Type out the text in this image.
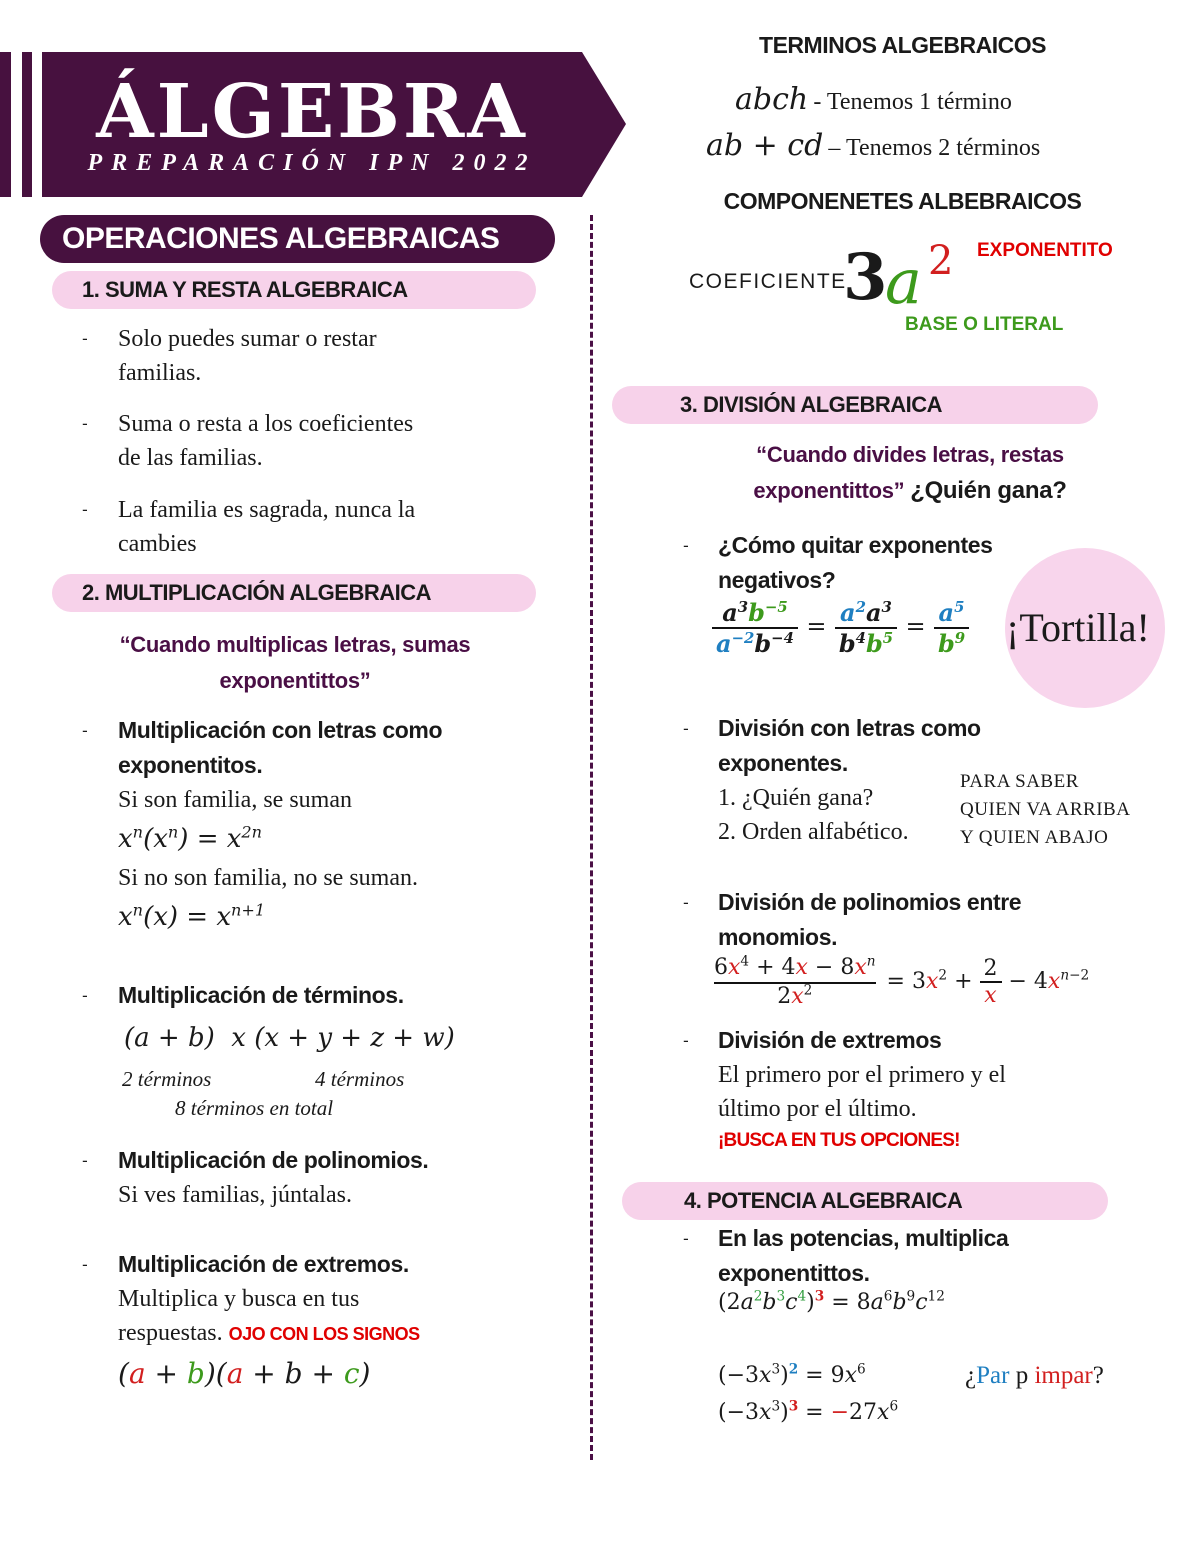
ÁLGEBRA
PREPARACIÓN IPN 2022
OPERACIONES ALGEBRAICAS
1. SUMA Y RESTA ALGEBRAICA
- Solo puedes sumar o restar
familias.
- Suma o resta a los coeficientes
de las familias.
- La familia es sagrada, nunca la
cambies
2. MULTIPLICACIÓN ALGEBRAICA
“Cuando multiplicas letras, sumas
exponentittos”
- Multiplicación con letras como
exponentitos.
Si son familia, se suman
$x^n(x^n) = x^{2n}$
Si no son familia, no se suman.
$x^n(x) = x^{n+1}$
- Multiplicación de términos.
(a + b)  x (x + y + z + w)
2 términos	4 términos
8 términos en total
- Multiplicación de polinomios.
Si ves familias, júntalas.
- Multiplicación de extremos.
Multiplica y busca en tus
respuestas. OJO CON LOS SIGNOS
(a + b)(a + b + c)
TERMINOS ALGEBRAICOS
abch - Tenemos 1 término
ab + cd – Tenemos 2 términos
COMPONENETES ALBEBRAICOS
COEFICIENTE
3
a 2 EXPONENTITO
BASE O LITERAL
3. DIVISIÓN ALGEBRAICA
“Cuando divides letras, restas
exponentittos” ¿Quién gana?
- ¿Cómo quitar exponentes
negativos?
$\frac{a^3b^{-5}}{a^{-2}b^{-4}} = \frac{a^2a^3}{b^4b^5} = \frac{a^5}{b^9}$ ¡Tortilla!
- División con letras como
exponentes.
1. ¿Quién gana?
2. Orden alfabético.
PARA SABER
QUIEN VA ARRIBA
Y QUIEN ABAJO
- División de polinomios entre
monomios.
$\frac{6x^4 + 4x - 8x^n}{2x^2} = 3x^2 + \frac{2}{x} - 4x^{n-2}$
- División de extremos
El primero por el primero y el
último por el último.
¡BUSCA EN TUS OPCIONES!
4. POTENCIA ALGEBRAICA
- En las potencias, multiplica
exponentittos.
$(2a^2b^3c^4)^3 = 8a^6b^9c^{12}$
$(-3x^3)^2 = 9x^6$
$(-3x^3)^3 = -27x^6$
¿Par p impar?
